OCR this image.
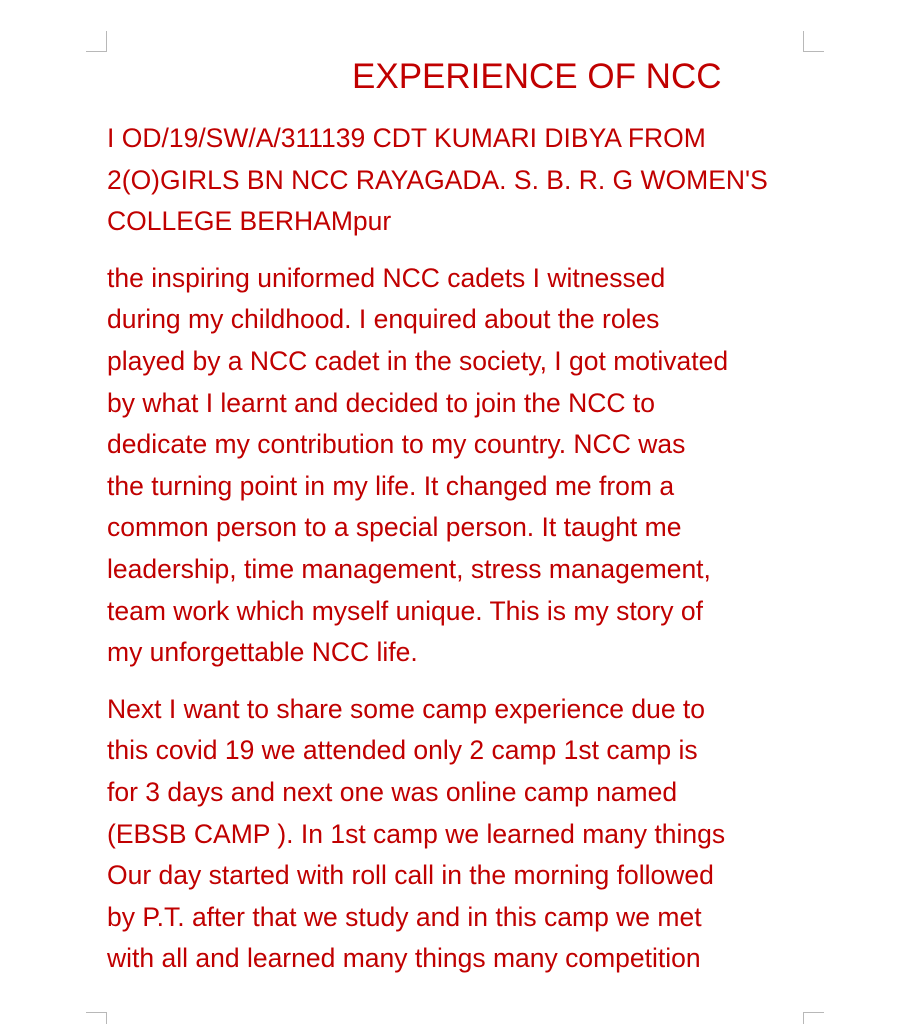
EXPERIENCE OF NCC

I OD/19/SW/A/311139 CDT KUMARI DIBYA FROM
2(O)GIRLS BN NCC RAYAGADA. S. B. R. G WOMEN'S
COLLEGE BERHAMpur

the inspiring uniformed NCC cadets I witnessed
during my childhood. I enquired about the roles
played by a NCC cadet in the society, I got motivated
by what I learnt and decided to join the NCC to
dedicate my contribution to my country. NCC was
the turning point in my life. It changed me from a
common person to a special person. It taught me
leadership, time management, stress management,
team work which myself unique. This is my story of
my unforgettable NCC life.

Next I want to share some camp experience due to
this covid 19 we attended only 2 camp 1st camp is
for 3 days and next one was online camp named
(EBSB CAMP ). In 1st camp we learned many things
Our day started with roll call in the morning followed
by P.T. after that we study and in this camp we met
with all and learned many things many competition
